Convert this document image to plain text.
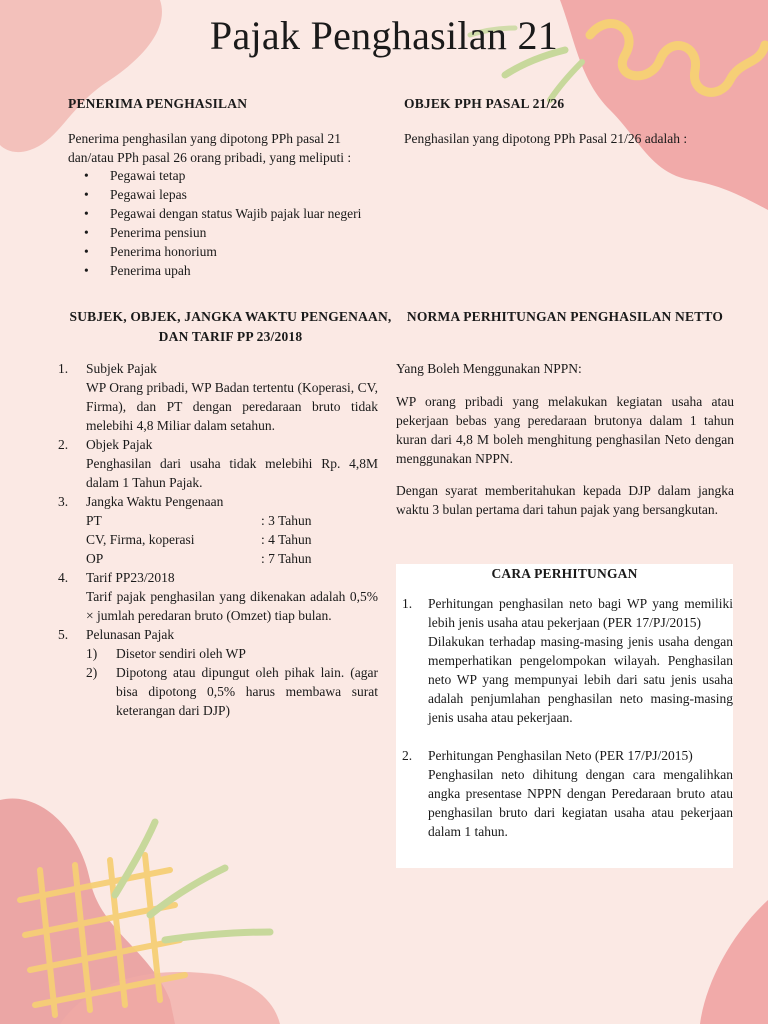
Pajak Penghasilan 21
PENERIMA PENGHASILAN
Penerima penghasilan yang dipotong PPh pasal 21 dan/atau PPh pasal 26 orang pribadi, yang meliputi :
• Pegawai tetap
• Pegawai lepas
• Pegawai dengan status Wajib pajak luar negeri
• Penerima pensiun
• Penerima honorium
• Penerima upah
OBJEK PPH PASAL 21/26
Penghasilan yang dipotong PPh Pasal 21/26 adalah :
SUBJEK, OBJEK, JANGKA WAKTU PENGENAAN, DAN TARIF PP 23/2018
1. Subjek Pajak
WP Orang pribadi, WP Badan tertentu (Koperasi, CV, Firma), dan PT dengan peredaraan bruto tidak melebihi 4,8 Miliar dalam setahun.
2. Objek Pajak
Penghasilan dari usaha tidak melebihi Rp. 4,8M dalam 1 Tahun Pajak.
3. Jangka Waktu Pengenaan
PT	: 3 Tahun
CV, Firma, koperasi	: 4 Tahun
OP	: 7 Tahun
4. Tarif PP23/2018
Tarif pajak penghasilan yang dikenakan adalah 0,5% × jumlah peredaran bruto (Omzet) tiap bulan.
5. Pelunasan Pajak
1) Disetor sendiri oleh WP
2) Dipotong atau dipungut oleh pihak lain. (agar bisa dipotong 0,5% harus membawa surat keterangan dari DJP)
NORMA PERHITUNGAN PENGHASILAN NETTO
Yang Boleh Menggunakan NPPN:
WP orang pribadi yang melakukan kegiatan usaha atau pekerjaan bebas yang peredaraan brutonya dalam 1 tahun kuran dari 4,8 M boleh menghitung penghasilan Neto dengan menggunakan NPPN.
Dengan syarat memberitahukan kepada DJP dalam jangka waktu 3 bulan pertama dari tahun pajak yang bersangkutan.
CARA PERHITUNGAN
1. Perhitungan penghasilan neto bagi WP yang memiliki lebih jenis usaha atau pekerjaan (PER 17/PJ/2015)
Dilakukan terhadap masing-masing jenis usaha dengan memperhatikan pengelompokan wilayah. Penghasilan neto WP yang mempunyai lebih dari satu jenis usaha adalah penjumlahan penghasilan neto masing-masing jenis usaha atau pekerjaan.
2. Perhitungan Penghasilan Neto (PER 17/PJ/2015)
Penghasilan neto dihitung dengan cara mengalihkan angka presentase NPPN dengan Peredaraan bruto atau penghasilan bruto dari kegiatan usaha atau pekerjaan dalam 1 tahun.
